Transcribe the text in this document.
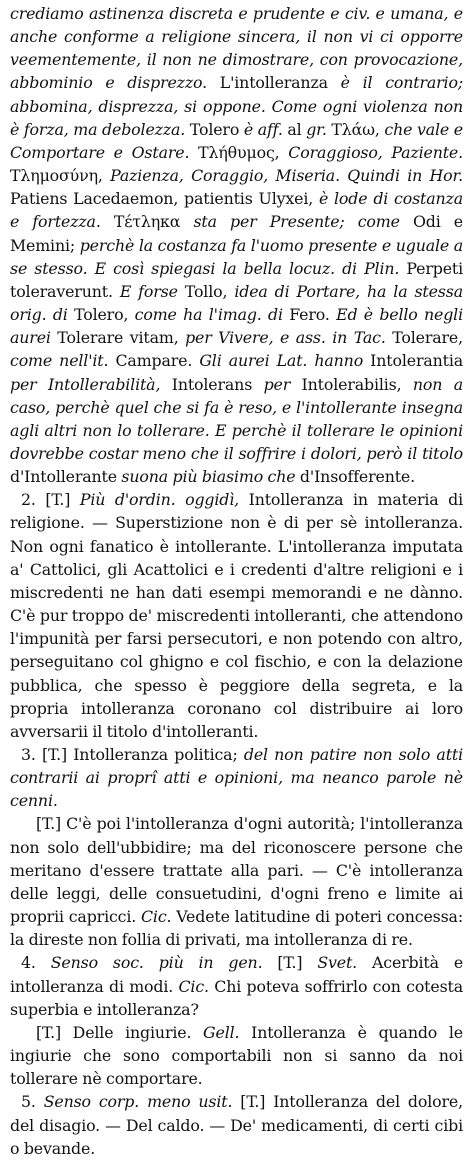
crediamo astinenza discreta e prudente e civ. e umana, e anche conforme a religione sincera, il non vi ci opporre veementemente, il non ne dimostrare, con provocazione, abbominio e disprezzo. L'intolleranza è il contrario; abbomina, disprezza, si oppone. Come ogni violenza non è forza, ma debolezza. Tolero è aff. al gr. Τλάω, che vale e Comportare e Ostare. Τλήθυμος, Coraggioso, Paziente. Τλημοσύνη, Pazienza, Coraggio, Miseria. Quindi in Hor. Patiens Lacedaemon, patientis Ulyxei, è lode di costanza e fortezza. Τέτληκα sta per Presente; come Odi e Memini; perchè la costanza fa l'uomo presente e uguale a se stesso. E così spiegasi la bella locuz. di Plin. Perpeti toleraverunt. E forse Tollo, idea di Portare, ha la stessa orig. di Tolero, come ha l'imag. di Fero. Ed è bello negli aurei Tolerare vitam, per Vivere, e ass. in Tac. Tolerare, come nell'it. Campare. Gli aurei Lat. hanno Intolerantia per Intollerabilità, Intolerans per Intolerabilis, non a caso, perchè quel che si fa è reso, e l'intollerante insegna agli altri non lo tollerare. E perchè il tollerare le opinioni dovrebbe costar meno che il soffrire i dolori, però il titolo d'Intollerante suona più biasimo che d'Insofferente.

2. [T.] Più d'ordin. oggidì, Intolleranza in materia di religione. — Superstizione non è di per sè intolleranza. Non ogni fanatico è intollerante. L'intolleranza imputata a' Cattolici, gli Acattolici e i credenti d'altre religioni e i miscredenti ne han dati esempi memorandi e ne dànno. C'è pur troppo de' miscredenti intolleranti, che attendono l'impunità per farsi persecutori, e non potendo con altro, perseguitano col ghigno e col fischio, e con la delazione pubblica, che spesso è peggiore della segreta, e la propria intolleranza coronano col distribuire ai loro avversarii il titolo d'intolleranti.

3. [T.] Intolleranza politica; del non patire non solo atti contrarii ai proprî atti e opinioni, ma neanco parole nè cenni.

[T.] C'è poi l'intolleranza d'ogni autorità; l'intolleranza non solo dell'ubbidire; ma del riconoscere persone che meritano d'essere trattate alla pari. — C'è intolleranza delle leggi, delle consuetudini, d'ogni freno e limite ai proprii capricci. Cic. Vedete latitudine di poteri concessa: la direste non follia di privati, ma intolleranza di re.

4. Senso soc. più in gen. [T.] Svet. Acerbità e intolleranza di modi. Cic. Chi poteva soffrirlo con cotesta superbia e intolleranza?

[T.] Delle ingiurie. Gell. Intolleranza è quando le ingiurie che sono comportabili non si sanno da noi tollerare nè comportare.

5. Senso corp. meno usit. [T.] Intolleranza del dolore, del disagio. — Del caldo. — De' medicamenti, di certi cibi o bevande.
